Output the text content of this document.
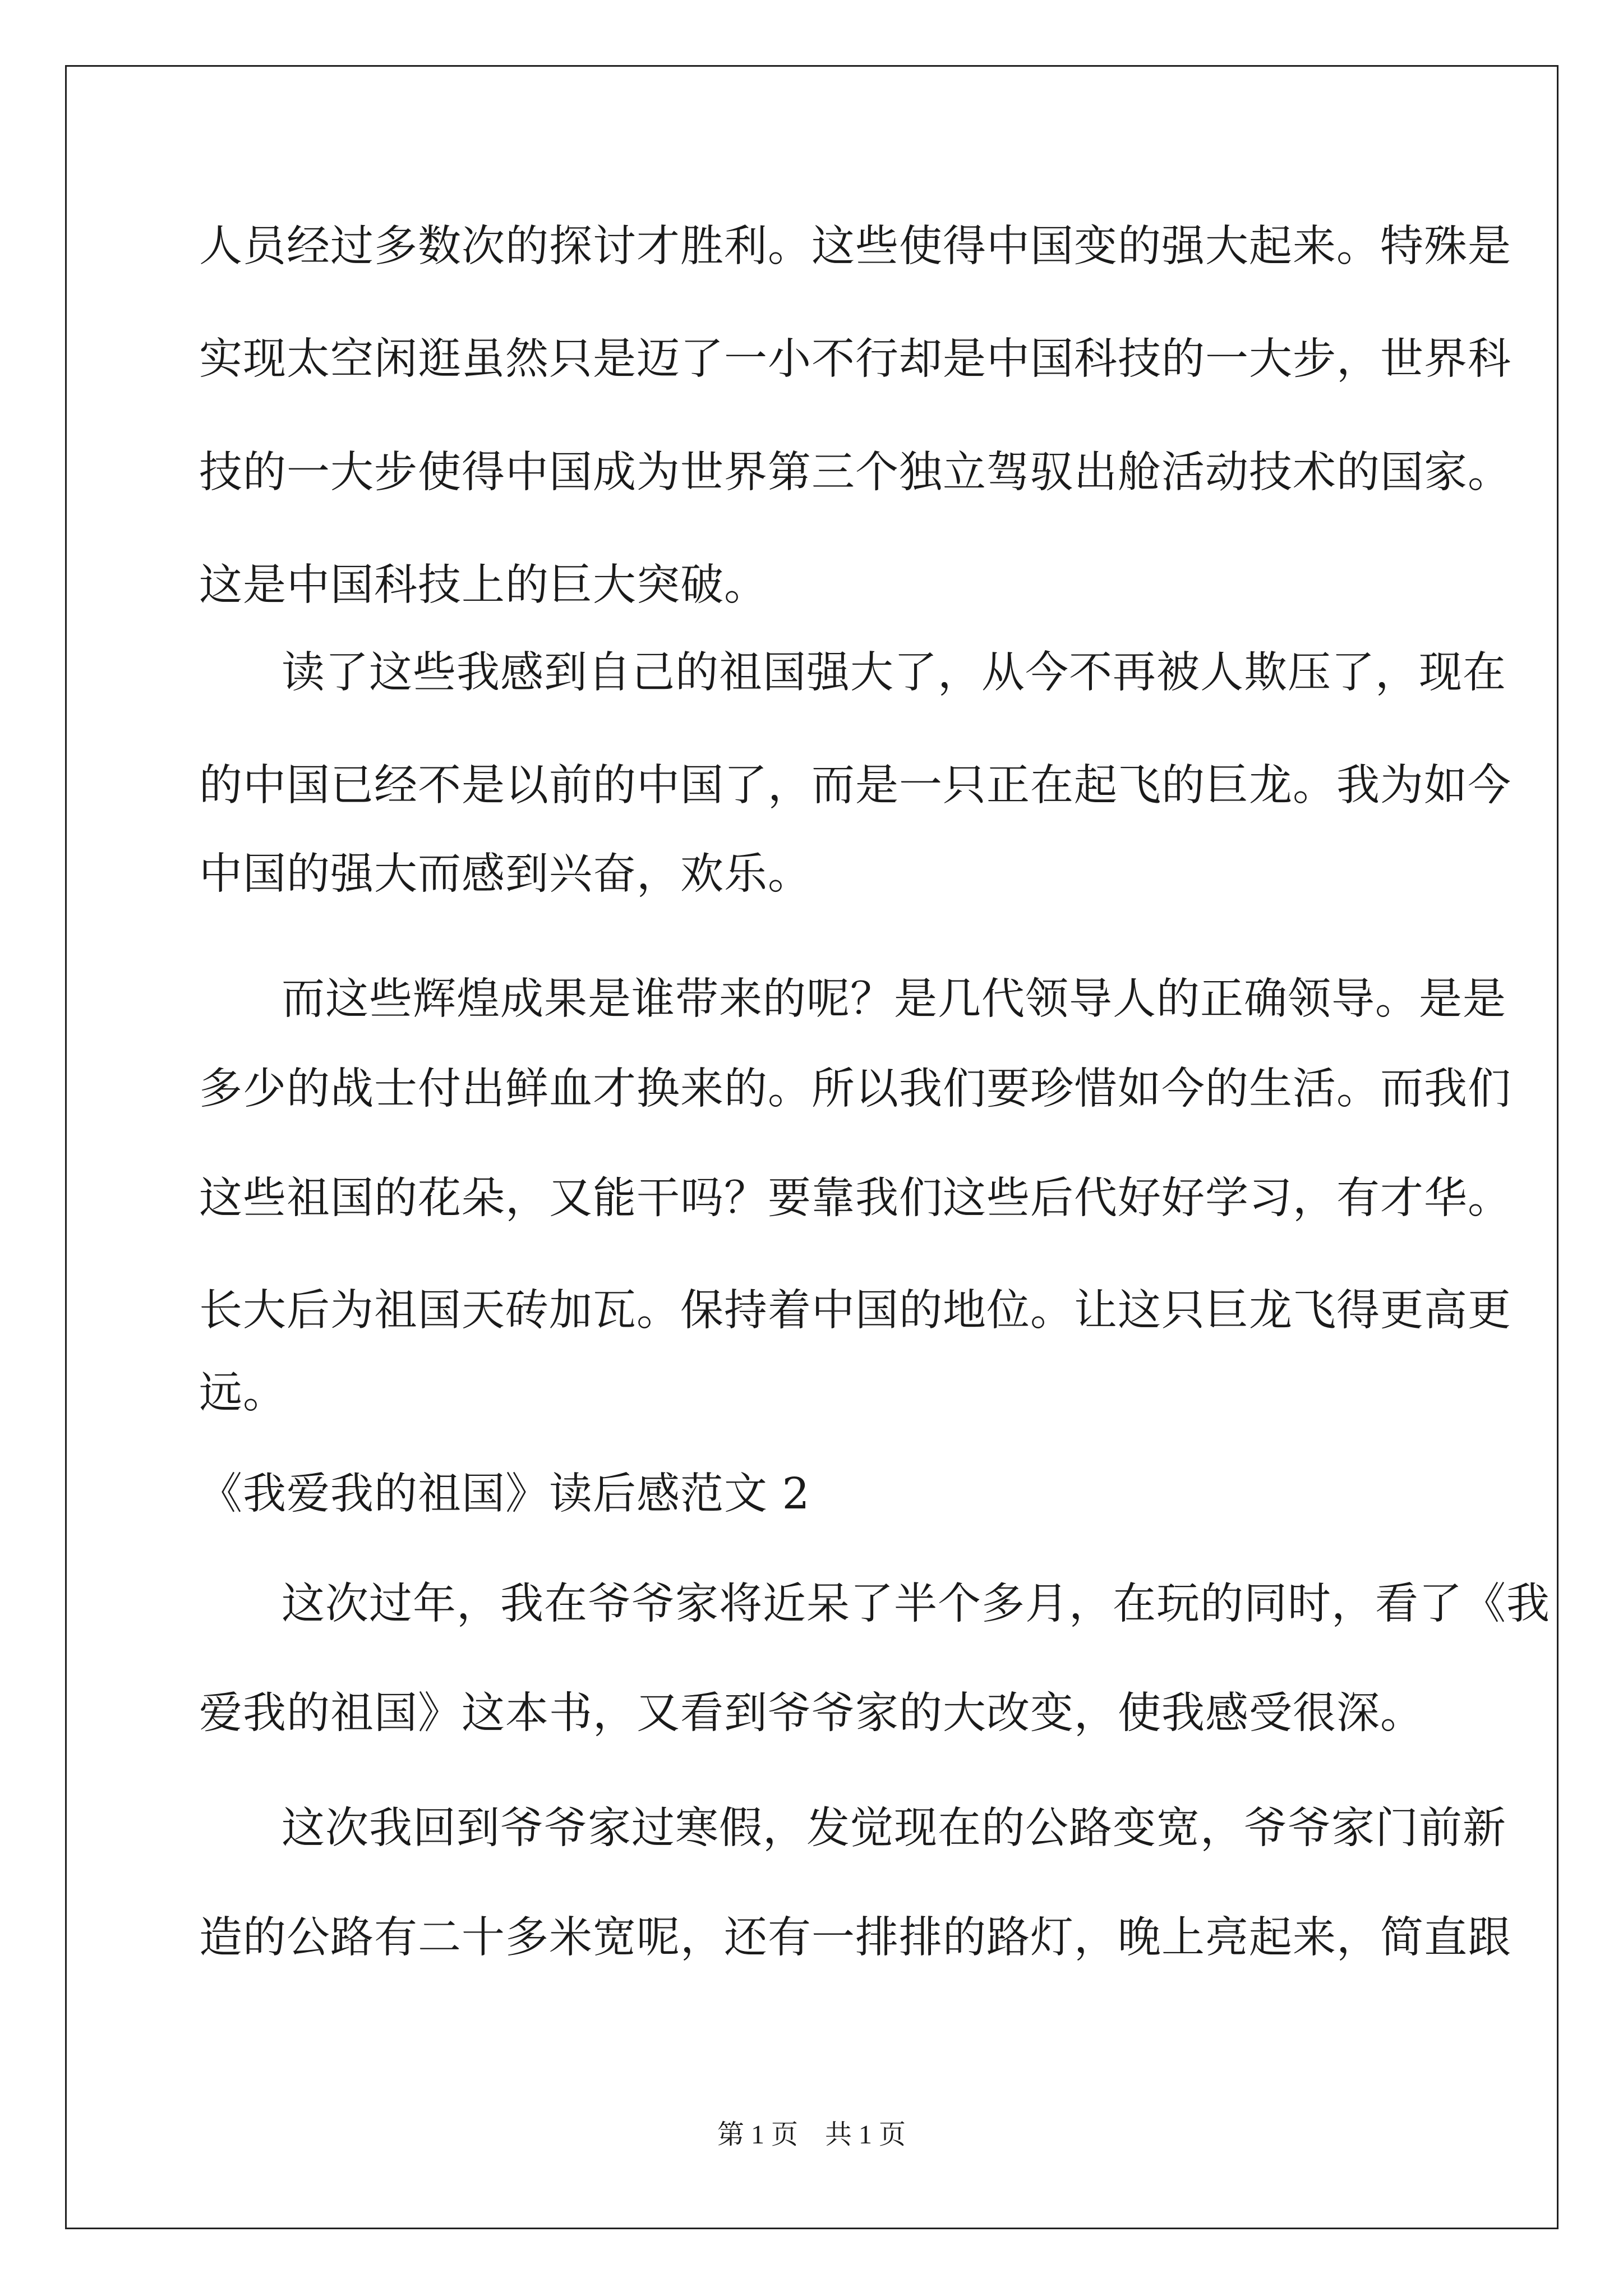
人员经过多数次的探讨才胜利。这些使得中国变的强大起来。特殊是
实现太空闲逛虽然只是迈了一小不行却是中国科技的一大步，世界科
技的一大步使得中国成为世界第三个独立驾驭出舱活动技术的国家。
这是中国科技上的巨大突破。
读了这些我感到自己的祖国强大了，从今不再被人欺压了，现在
的中国已经不是以前的中国了，而是一只正在起飞的巨龙。我为如今
中国的强大而感到兴奋，欢乐。
而这些辉煌成果是谁带来的呢？是几代领导人的正确领导。是是
多少的战士付出鲜血才换来的。所以我们要珍惜如今的生活。而我们
这些祖国的花朵，又能干吗？要靠我们这些后代好好学习，有才华。
长大后为祖国天砖加瓦。保持着中国的地位。让这只巨龙飞得更高更
远。
《我爱我的祖国》读后感范文 2
这次过年，我在爷爷家将近呆了半个多月，在玩的同时，看了《我
爱我的祖国》这本书，又看到爷爷家的大改变，使我感受很深。
这次我回到爷爷家过寒假，发觉现在的公路变宽，爷爷家门前新
造的公路有二十多米宽呢，还有一排排的路灯，晚上亮起来，简直跟
第 1 页　共 1 页
